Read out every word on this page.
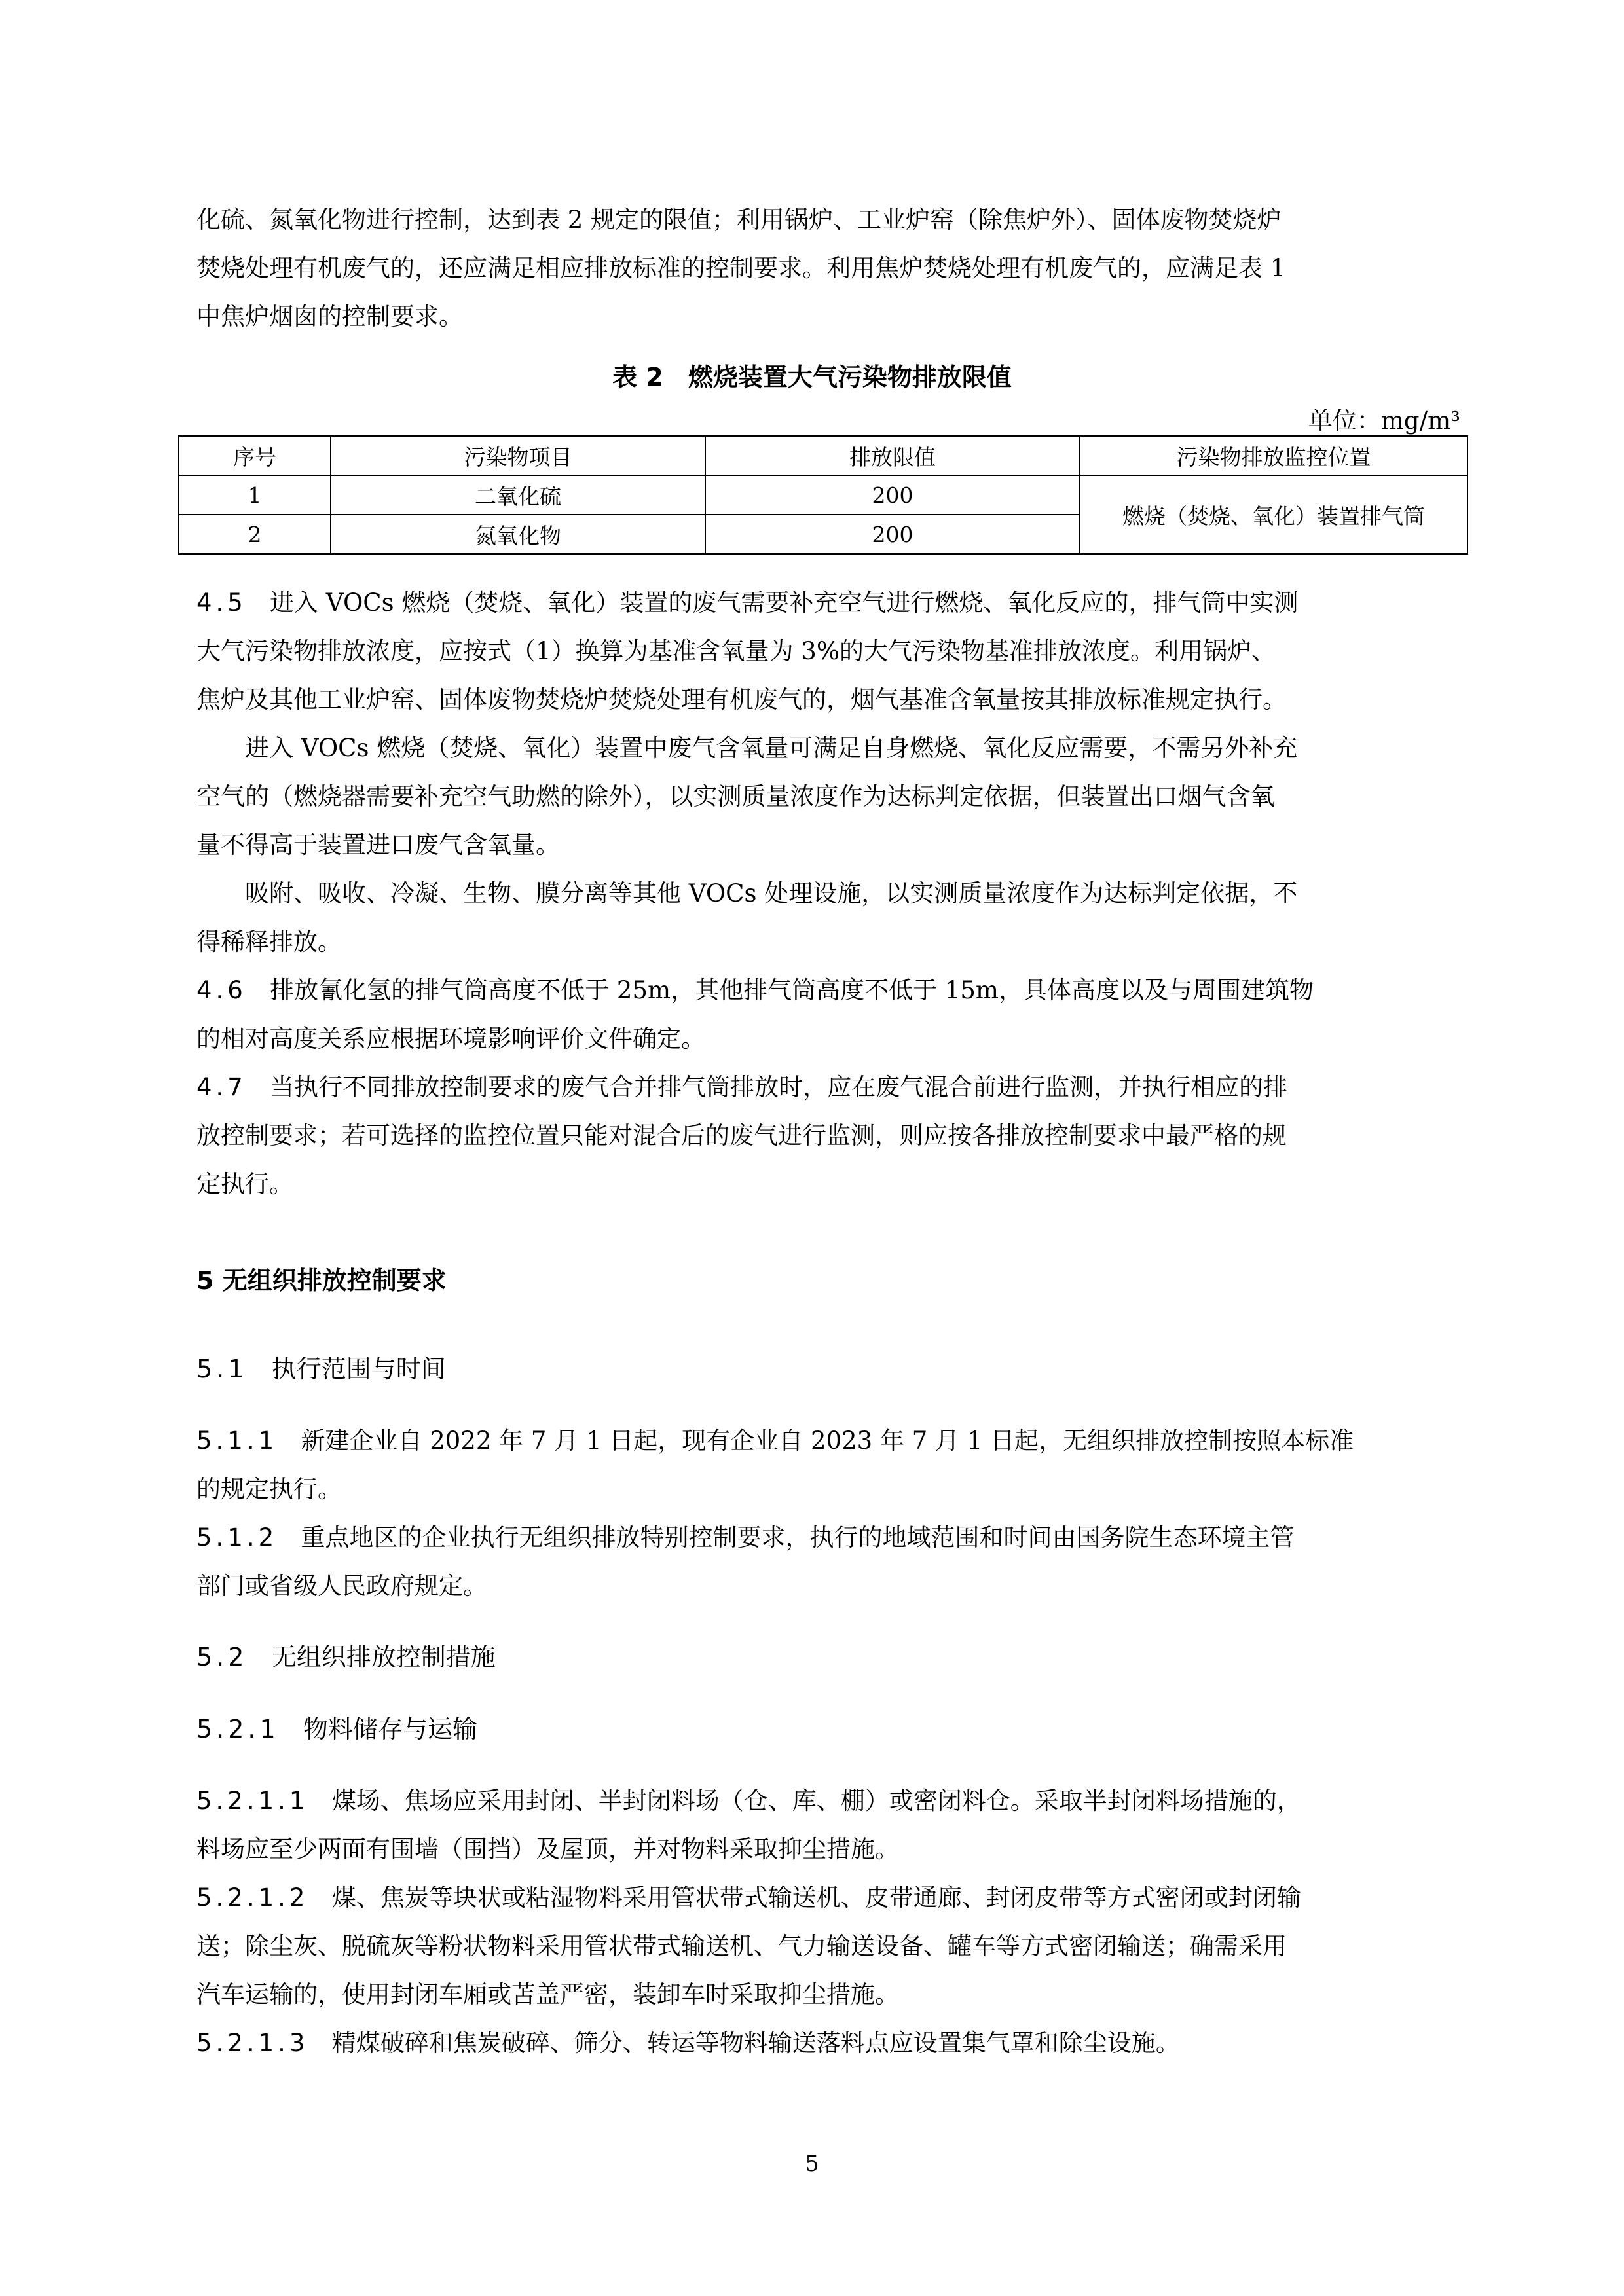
化硫、氮氧化物进行控制，达到表 2 规定的限值；利用锅炉、工业炉窑（除焦炉外）、固体废物焚烧炉
焚烧处理有机废气的，还应满足相应排放标准的控制要求。利用焦炉焚烧处理有机废气的，应满足表 1
中焦炉烟囱的控制要求。
表 2　燃烧装置大气污染物排放限值
单位：mg/m³
序号	污染物项目	排放限值	污染物排放监控位置
1	二氧化硫	200	燃烧（焚烧、氧化）装置排气筒
2	氮氧化物	200	
4.5 进入 VOCs 燃烧（焚烧、氧化）装置的废气需要补充空气进行燃烧、氧化反应的，排气筒中实测
大气污染物排放浓度，应按式（1）换算为基准含氧量为 3%的大气污染物基准排放浓度。利用锅炉、
焦炉及其他工业炉窑、固体废物焚烧炉焚烧处理有机废气的，烟气基准含氧量按其排放标准规定执行。
进入 VOCs 燃烧（焚烧、氧化）装置中废气含氧量可满足自身燃烧、氧化反应需要，不需另外补充
空气的（燃烧器需要补充空气助燃的除外），以实测质量浓度作为达标判定依据，但装置出口烟气含氧
量不得高于装置进口废气含氧量。
吸附、吸收、冷凝、生物、膜分离等其他 VOCs 处理设施，以实测质量浓度作为达标判定依据，不
得稀释排放。
4.6 排放氰化氢的排气筒高度不低于 25m，其他排气筒高度不低于 15m，具体高度以及与周围建筑物
的相对高度关系应根据环境影响评价文件确定。
4.7 当执行不同排放控制要求的废气合并排气筒排放时，应在废气混合前进行监测，并执行相应的排
放控制要求；若可选择的监控位置只能对混合后的废气进行监测，则应按各排放控制要求中最严格的规
定执行。
5 无组织排放控制要求
5.1 执行范围与时间
5.1.1 新建企业自 2022 年 7 月 1 日起，现有企业自 2023 年 7 月 1 日起，无组织排放控制按照本标准
的规定执行。
5.1.2 重点地区的企业执行无组织排放特别控制要求，执行的地域范围和时间由国务院生态环境主管
部门或省级人民政府规定。
5.2 无组织排放控制措施
5.2.1 物料储存与运输
5.2.1.1 煤场、焦场应采用封闭、半封闭料场（仓、库、棚）或密闭料仓。采取半封闭料场措施的，
料场应至少两面有围墙（围挡）及屋顶，并对物料采取抑尘措施。
5.2.1.2 煤、焦炭等块状或粘湿物料采用管状带式输送机、皮带通廊、封闭皮带等方式密闭或封闭输
送；除尘灰、脱硫灰等粉状物料采用管状带式输送机、气力输送设备、罐车等方式密闭输送；确需采用
汽车运输的，使用封闭车厢或苫盖严密，装卸车时采取抑尘措施。
5.2.1.3 精煤破碎和焦炭破碎、筛分、转运等物料输送落料点应设置集气罩和除尘设施。
5
